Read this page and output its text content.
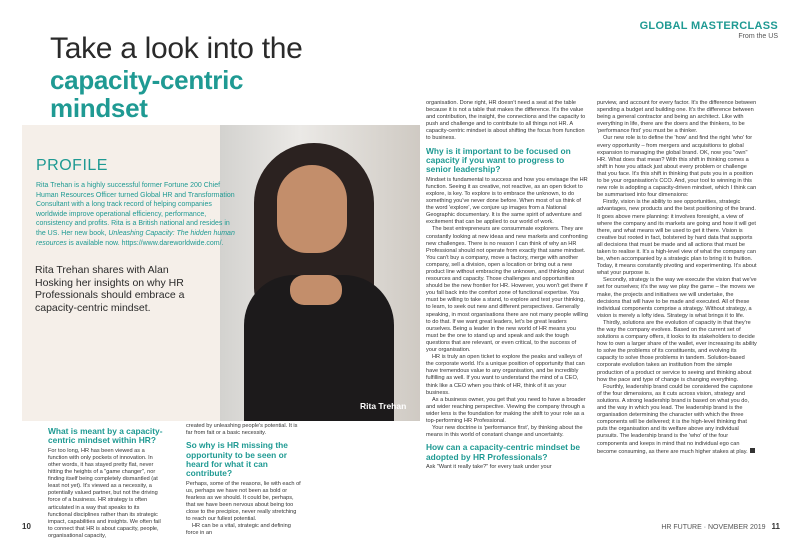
GLOBAL MASTERCLASS
From the US
Take a look into the
capacity-centric
mindset
Rita Trehan
PROFILE
Rita Trehan is a highly successful former Fortune 200 Chief Human Resources Officer turned Global HR and Transformation Consultant with a long track record of helping companies worldwide improve operational efficiency, performance, consistency and profits. Rita is a British national and resides in the US. Her new book, Unleashing Capacity: The hidden human resources is available now. https://www.dareworldwide.com/.
Rita Trehan shares with Alan Hosking her insights on why HR Professionals should embrace a capacity-centric mindset.
What is meant by a capacity-centric mindset within HR?

For too long, HR has been viewed as a function with only pockets of innovation. In other words, it has stayed pretty flat, never hitting the heights of a "game changer", nor finding itself being completely dismantled (at least not yet). It's viewed as a necessity, a potentially valued partner, but not the driving force of a business. HR strategy is often articulated in a way that speaks to its functional disciplines rather than its strategic impact, capabilities and insights. We often fail to connect that HR is about capacity, people, organisational capacity,

created by unleashing people's potential. It is far from fait or a basic necessity.

So why is HR missing the opportunity to be seen or heard for what it can contribute?

Perhaps, some of the reasons, lie with each of us, perhaps we have not been as bold or fearless as we should. It could be, perhaps, that we have been nervous about being too close to the precipice, never really stretching to reach our fullest potential.

HR can be a vital, strategic and defining force in an

organisation. Done right, HR doesn't need a seat at the table because it is not a table that makes the difference. It's the value and contribution, the insight, the connections and the capacity to push and challenge and to contribute to all things not HR. A capacity-centric mindset is about shifting the focus from function to business.

Why is it important to be focused on capacity if you want to progress to senior leadership?

Mindset is fundamental to success and how you envisage the HR function. Seeing it as creative, not reactive, as an open ticket to explore, is key. To explore is to embrace the unknown, to do something you've never done before. When most of us think of the word 'explore', we conjure up images from a National Geographic documentary. It is the same spirit of adventure and excitement that can be applied to our world of work.

The best entrepreneurs are consummate explorers. They are constantly looking at new ideas and new markets and confronting new challenges. There is no reason I can think of why an HR Professional should not operate from exactly that same mindset. You can't buy a company, move a factory, merge with another company, sell a division, open a location or bring out a new product line without embracing the unknown, and thinking about resources and capacity. Those challenges and opportunities should be the new frontier for HR. However, you won't get there if you fall back into the comfort zone of functional expertise. You must be willing to take a stand, to explore and test your thinking, to learn, to seek out new and different perspectives. Generally speaking, in most organisations there are not many people willing to do that. If we want great leaders, let's be great leaders ourselves. Being a leader in the new world of HR means you must be the one to stand up and speak and ask the tough questions that are relevant, or even critical, to the success of your organisation.

HR is truly an open ticket to explore the peaks and valleys of the corporate world. It's a unique position of opportunity that can have tremendous value to any organisation, and be incredibly fulfilling as well. If you want to understand the mind of a CEO, think like a CEO when you think of HR, think of it as your business.

As a business owner, you get that you need to have a broader and wider reaching perspective. Viewing the company through a wider lens is the foundation for making the shift to your role as a top-performing HR Professional.

Your new doctrine is 'performance first', by thinking about the means in this world of constant change and uncertainty.

How can a capacity-centric mindset be adopted by HR Professionals?

Ask "Want it really take?" for every task under your

purview, and account for every factor. It's the difference between spending a budget and building one. It's the difference between being a general contractor and being an architect. Like with everything in life, there are the doers and the thinkers, to be 'performance first' you must be a thinker.

Our new role is to define the 'how' and find the right 'who' for every opportunity – from mergers and acquisitions to global expansion to managing the global brand. OK, now you "own" HR. What does that mean? With this shift in thinking comes a shift in how you attack just about every problem or challenge that you face. It's this shift in thinking that puts you in a position to be your organisation's CCO. And, your tool to winning in this new role is adopting a capacity-driven mindset, which I think can be summarised into four dimensions:

Firstly, vision is the ability to see opportunities, strategic advantages, new products and the best positioning of the brand. It goes above mere planning: it involves foresight, a view of where the company and its markets are going and how it will get there, and what means will be used to get it there. Vision is creative but rooted in fact, bolstered by hard data that supports all decisions that must be made and all actions that must be taken to realise it. It's a high-level view of what the company can be, when accompanied by a strategic plan to bring it to fruition. Today, it means constantly pivoting and experimenting. It's about what your purpose is.

Secondly, strategy is the way we execute the vision that we've set for ourselves; it's the way we play the game – the moves we make, the projects and initiatives we will undertake, the decisions that will have to be made and executed. All of these individual components comprise a strategy. Without strategy, a vision is merely a lofty idea. Strategy is what brings it to life.

Thirdly, solutions are the evolution of capacity in that they're the way the company evolves. Based on the current set of solutions a company offers, it looks to its stakeholders to decide how to own a larger share of the wallet, ever increasing its ability to solve the problems of its constituents, and evolving its capacity to solve those problems in tandem. Solution-based corporate evolution takes an institution from the simple production of a product or service to seeing and thinking about how the pace and type of change is changing everything.

Fourthly, leadership brand could be considered the capstone of the four dimensions, as it cuts across vision, strategy and solutions. A strong leadership brand is based on what you do, and the way in which you lead. The leadership brand is the organisation determining the character with which the three components will be delivered; it is the high-level thinking that puts the organisation and its welfare above any individual pursuits. The leadership brand is the 'who' of the four components and keeps in mind that no individual ego can become consuming, as there are much higher stakes at play.

10	HR FUTURE · NOVEMBER 2019 11
